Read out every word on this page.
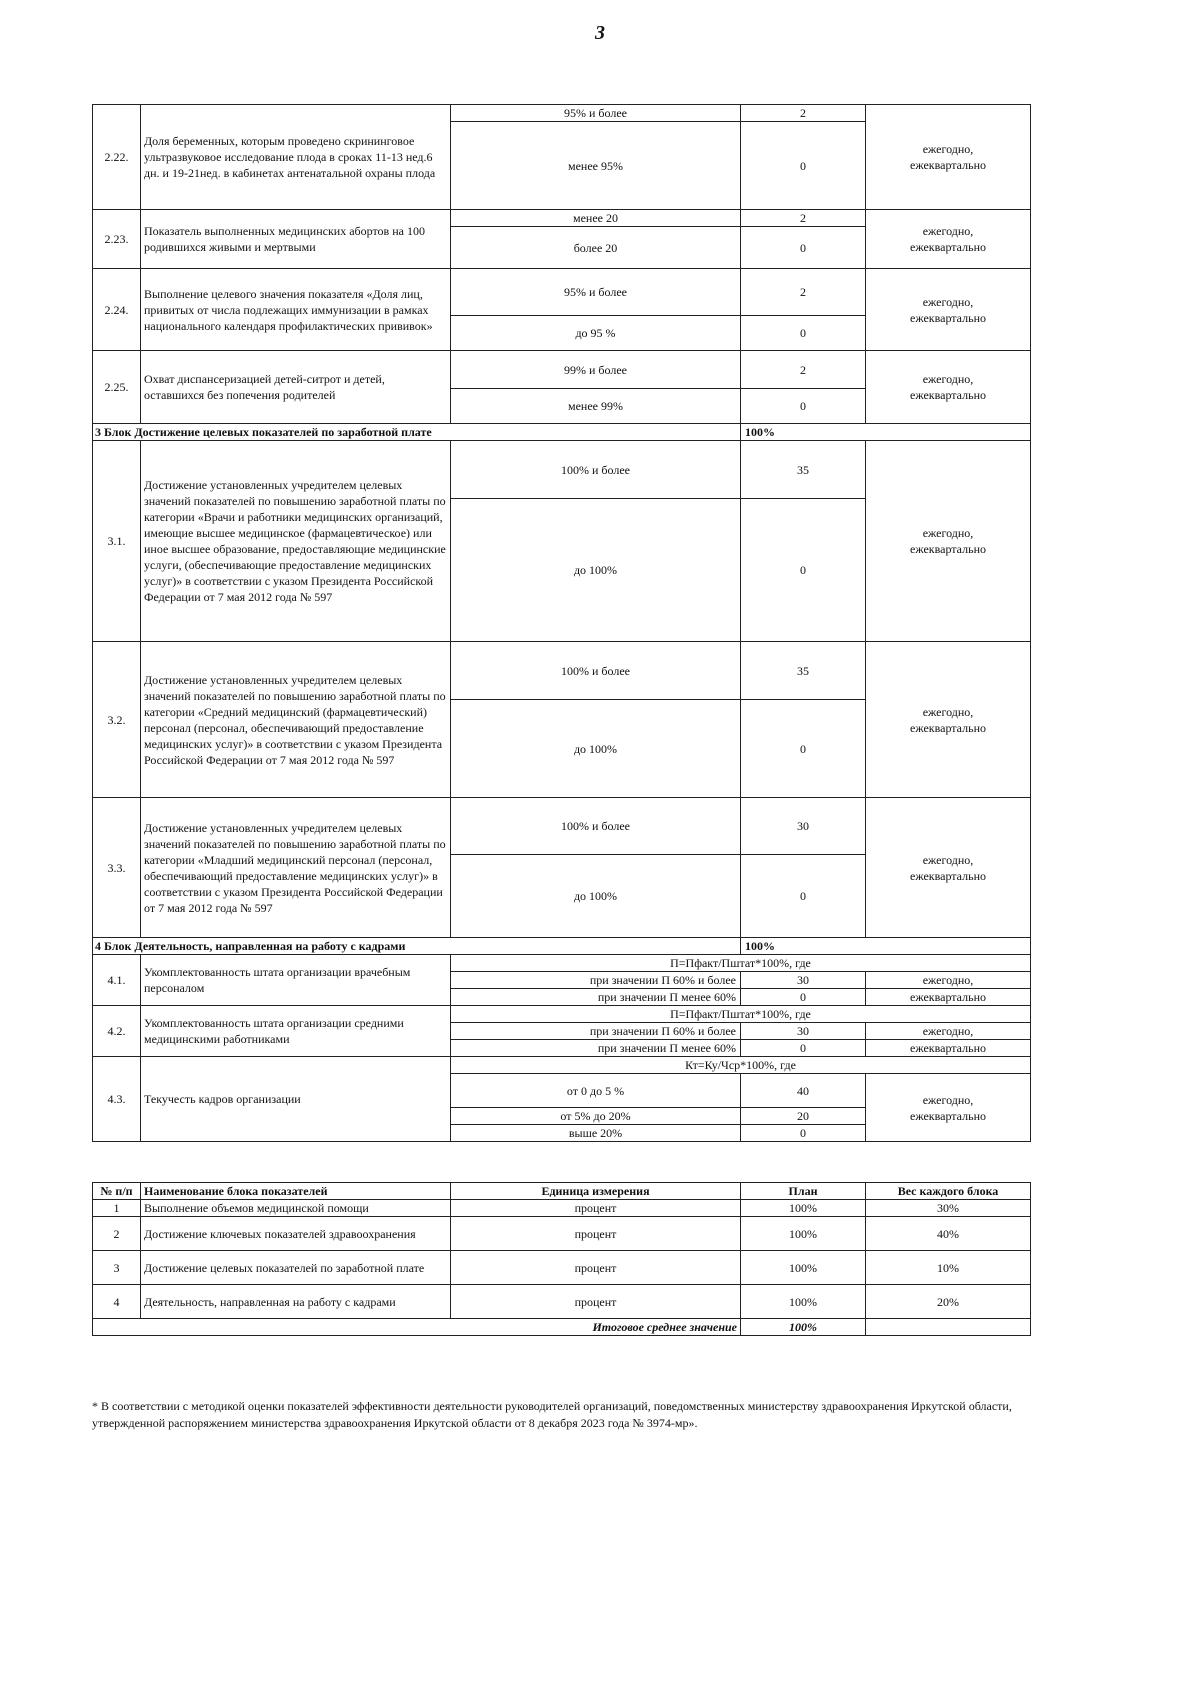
3
2.22.	Доля беременных, которым проведено скрининговое ультразвуковое исследование плода в сроках 11-13 нед.6 дн. и 19-21нед. в кабинетах антенатальной охраны плода	95% и более	2	ежегодно,
ежеквартально
		менее 95%	0	
2.23.	Показатель выполненных медицинских абортов на 100 родившихся живыми и мертвыми	менее 20	2	ежегодно,
ежеквартально
		более 20	0	
2.24.	Выполнение целевого значения показателя «Доля лиц, привитых от числа подлежащих иммунизации в рамках национального календаря профилактических прививок»	95% и более	2	ежегодно,
ежеквартально
		до 95 %	0	
2.25.	Охват диспансеризацией детей-ситрот и детей, оставшихся без попечения родителей	99% и более	2	ежегодно,
ежеквартально
		менее 99%	0	
3 Блок Достижение целевых показателей по заработной плате			100%	
3.1.	Достижение установленных учредителем целевых значений показателей по повышению заработной платы по категории «Врачи и работники медицинских организаций, имеющие высшее медицинское (фармацевтическое) или иное высшее образование, предоставляющие медицинские услуги, (обеспечивающие предоставление медицинских услуг)» в соответствии с указом Президента Российской Федерации от 7 мая 2012 года № 597	100% и более	35	ежегодно,
ежеквартально
		до 100%	0	
3.2.	Достижение установленных учредителем целевых значений показателей по повышению заработной платы по категории «Средний медицинский (фармацевтический) персонал (персонал, обеспечивающий предоставление медицинских услуг)» в соответствии с указом Президента Российской Федерации от 7 мая 2012 года № 597	100% и более	35	ежегодно,
ежеквартально
		до 100%	0	
3.3.	Достижение установленных учредителем целевых значений показателей по повышению заработной платы по категории «Младший медицинский персонал (персонал, обеспечивающий предоставление медицинских услуг)» в соответствии с указом Президента Российской Федерации от 7 мая 2012 года № 597	100% и более	30	ежегодно,
ежеквартально
		до 100%	0	
4 Блок Деятельность, направленная на работу с кадрами			100%	
4.1.	Укомплектованность штата организации врачебным персоналом	П=Пфакт/Пштат*100%, где		
		при значении П 60% и более	30	ежегодно,
		при значении П менее 60%	0	ежеквартально
4.2.	Укомплектованность штата организации средними медицинскими работниками	П=Пфакт/Пштат*100%, где		
		при значении П 60% и более	30	ежегодно,
		при значении П менее 60%	0	ежеквартально
4.3.	Текучесть кадров организации	Кт=Ку/Чср*100%, где		
		от 0 до 5 %	40	ежегодно,
ежеквартально
		от 5% до 20%	20	
		выше 20%	0	
№ п/п	Наименование блока показателей	Единица измерения	План	Вес каждого блока
1	Выполнение объемов медицинской помощи	процент	100%	30%
2	Достижение ключевых показателей здравоохранения	процент	100%	40%
3	Достижение целевых показателей по заработной плате	процент	100%	10%
4	Деятельность, направленная на работу с кадрами	процент	100%	20%
Итоговое среднее значение			100%	
* В соответствии с методикой оценки показателей эффективности деятельности руководителей организаций, поведомственных министерству здравоохранения Иркутской области, утвержденной распоряжением министерства здравоохранения Иркутской области от 8 декабря 2023 года № 3974-мр».
